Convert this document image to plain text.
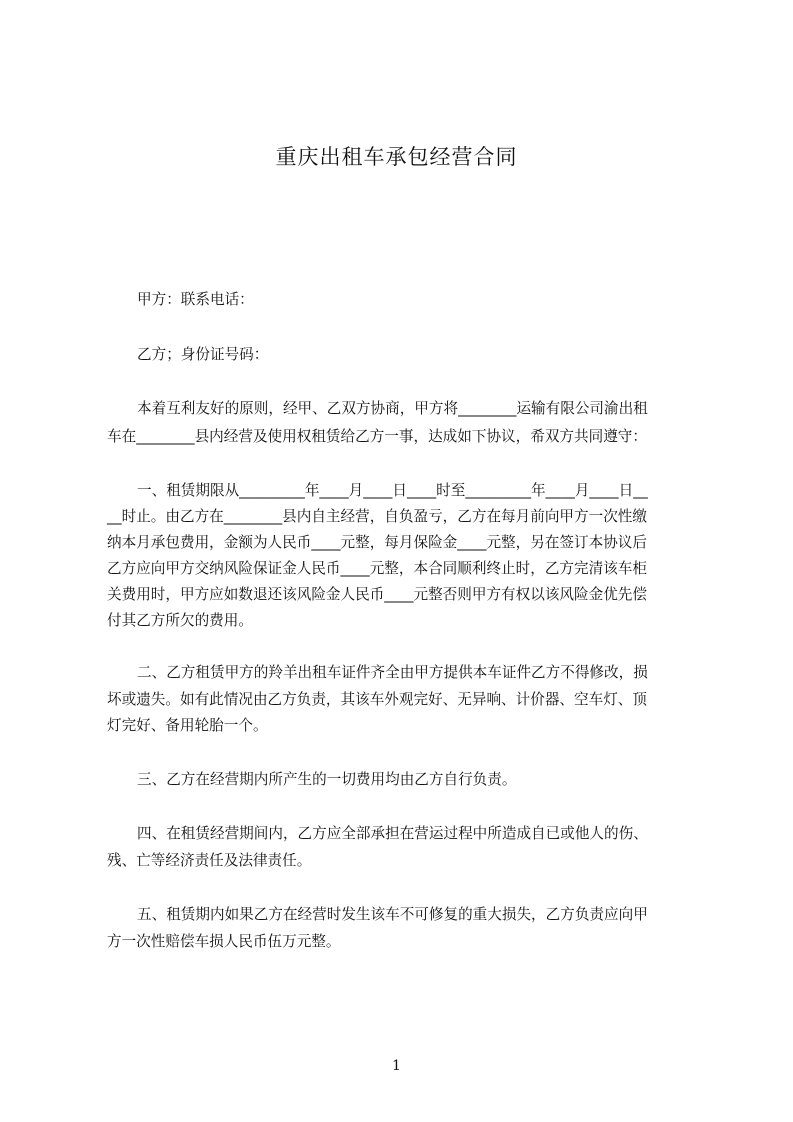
重庆出租车承包经营合同
甲方：联系电话：
乙方；身份证号码：
本着互利友好的原则，经甲、乙双方协商，甲方将________运输有限公司渝出租
车在________县内经营及使用权租赁给乙方一事，达成如下协议，希双方共同遵守：
一、租赁期限从_________年____月____日____时至_________年____月____日__
__时止。由乙方在________县内自主经营，自负盈亏，乙方在每月前向甲方一次性缴
纳本月承包费用，金额为人民币____元整，每月保险金____元整，另在签订本协议后
乙方应向甲方交纳风险保证金人民币____元整，本合同顺利终止时，乙方完清该车柜
关费用时，甲方应如数退还该风险金人民币____元整否则甲方有权以该风险金优先偿
付其乙方所欠的费用。
二、乙方租赁甲方的羚羊出租车证件齐全由甲方提供本车证件乙方不得修改，损
坏或遗失。如有此情况由乙方负责，其该车外观完好、无异响、计价器、空车灯、顶
灯完好、备用轮胎一个。
三、乙方在经营期内所产生的一切费用均由乙方自行负责。
四、在租赁经营期间内，乙方应全部承担在营运过程中所造成自已或他人的伤、
残、亡等经济责任及法律责任。
五、租赁期内如果乙方在经营时发生该车不可修复的重大损失，乙方负责应向甲
方一次性赔偿车损人民币伍万元整。
1
